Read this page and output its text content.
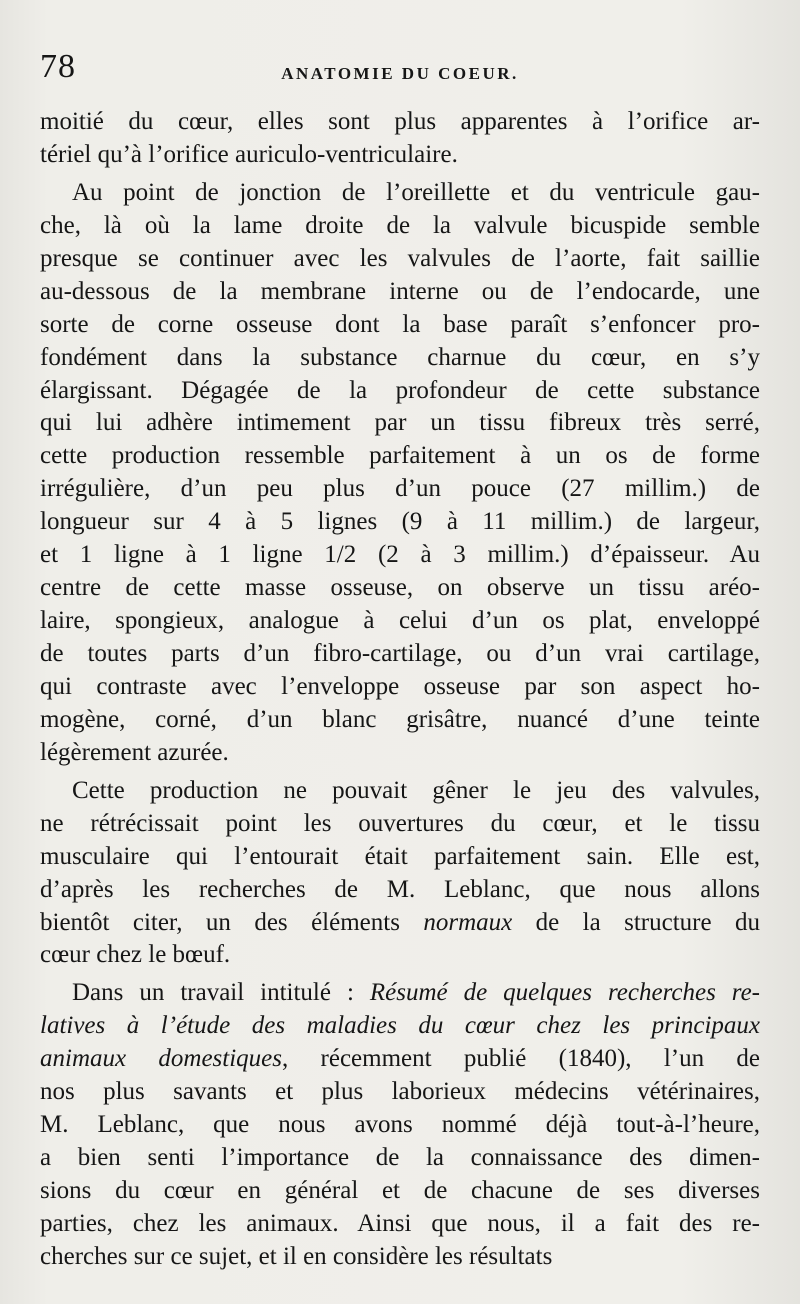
78	ANATOMIE DU COEUR.
moitié du cœur, elles sont plus apparentes à l’orifice ar-
tériel qu’à l’orifice auriculo-ventriculaire.
Au point de jonction de l’oreillette et du ventricule gau-
che, là où la lame droite de la valvule bicuspide semble
presque se continuer avec les valvules de l’aorte, fait saillie
au-dessous de la membrane interne ou de l’endocarde, une
sorte de corne osseuse dont la base paraît s’enfoncer pro-
fondément dans la substance charnue du cœur, en s’y
élargissant. Dégagée de la profondeur de cette substance
qui lui adhère intimement par un tissu fibreux très serré,
cette production ressemble parfaitement à un os de forme
irrégulière, d’un peu plus d’un pouce (27 millim.) de
longueur sur 4 à 5 lignes (9 à 11 millim.) de largeur,
et 1 ligne à 1 ligne 1/2 (2 à 3 millim.) d’épaisseur. Au
centre de cette masse osseuse, on observe un tissu aréo-
laire, spongieux, analogue à celui d’un os plat, enveloppé
de toutes parts d’un fibro-cartilage, ou d’un vrai cartilage,
qui contraste avec l’enveloppe osseuse par son aspect ho-
mogène, corné, d’un blanc grisâtre, nuancé d’une teinte
légèrement azurée.
Cette production ne pouvait gêner le jeu des valvules,
ne rétrécissait point les ouvertures du cœur, et le tissu
musculaire qui l’entourait était parfaitement sain. Elle est,
d’après les recherches de M. Leblanc, que nous allons
bientôt citer, un des éléments normaux de la structure du
cœur chez le bœuf.
Dans un travail intitulé : Résumé de quelques recherches re-
latives à l’étude des maladies du cœur chez les principaux
animaux domestiques, récemment publié (1840), l’un de
nos plus savants et plus laborieux médecins vétérinaires,
M. Leblanc, que nous avons nommé déjà tout-à-l’heure,
a bien senti l’importance de la connaissance des dimen-
sions du cœur en général et de chacune de ses diverses
parties, chez les animaux. Ainsi que nous, il a fait des re-
cherches sur ce sujet, et il en considère les résultats
